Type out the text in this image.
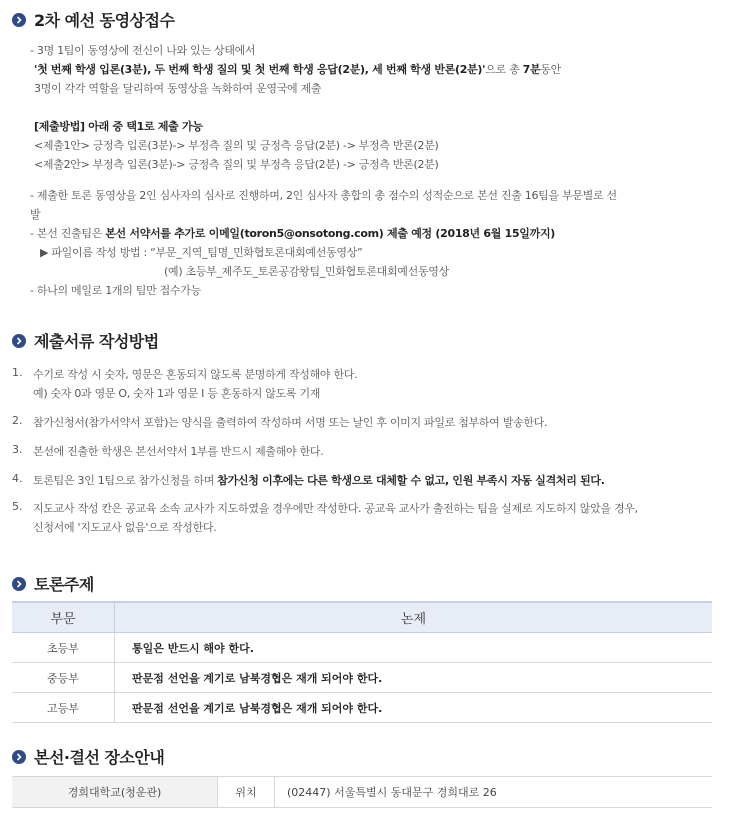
2차 예선 동영상접수
- 3명 1팀이 동영상에 전신이 나와 있는 상태에서
'첫 번째 학생 입론(3분), 두 번째 학생 질의 및 첫 번째 학생 응답(2분), 세 번째 학생 반론(2분)'으로 총 7분동안
3명이 각각 역할을 달리하여 동영상을 녹화하여 운영국에 제출
[제출방법] 아래 중 택1로 제출 가능
<제출1안> 긍정측 입론(3분)-> 부정측 질의 및 긍정측 응답(2분) -> 부정측 반론(2분)
<제출2안> 부정측 입론(3분)-> 긍정측 질의 및 부정측 응답(2분) -> 긍정측 반론(2분)
- 제출한 토론 동영상을 2인 심사자의 심사로 진행하며, 2인 심사자 총합의 총 점수의 성적순으로 본선 진출 16팀을 부문별로 선
발
- 본선 진출팀은 본선 서약서를 추가로 이메일(toron5@onsotong.com) 제출 예정 (2018년 6월 15일까지)
▶ 파일이름 작성 방법 : “부문_지역_팀명_민화협토론대회예선동영상”
(예) 초등부_제주도_토론공감왕팀_민화협토론대회예선동영상
- 하나의 메일로 1개의 팀만 접수가능
제출서류 작성방법
1. 수기로 작성 시 숫자, 영문은 혼동되지 않도록 분명하게 작성해야 한다.
예) 숫자 0과 영문 O, 숫자 1과 영문 I 등 혼동하지 않도록 기재
2. 참가신청서(참가서약서 포함)는 양식을 출력하여 작성하며 서명 또는 날인 후 이미지 파일로 첨부하여 발송한다.
3. 본선에 진출한 학생은 본선서약서 1부를 반드시 제출해야 한다.
4. 토론팀은 3인 1팀으로 참가신청을 하며 참가신청 이후에는 다른 학생으로 대체할 수 없고, 인원 부족시 자동 실격처리 된다.
5. 지도교사 작성 칸은 공교육 소속 교사가 지도하였을 경우에만 작성한다. 공교육 교사가 출전하는 팀을 실제로 지도하지 않았을 경우,
신청서에 '지도교사 없음'으로 작성한다.
토론주제
부문	논제
초등부	통일은 반드시 해야 한다.
중등부	판문점 선언을 계기로 남북경협은 재개 되어야 한다.
고등부	판문점 선언을 계기로 남북경협은 재개 되어야 한다.
본선·결선 장소안내
경희대학교(청운관)	위치	(02447) 서울특별시 동대문구 경희대로 26
